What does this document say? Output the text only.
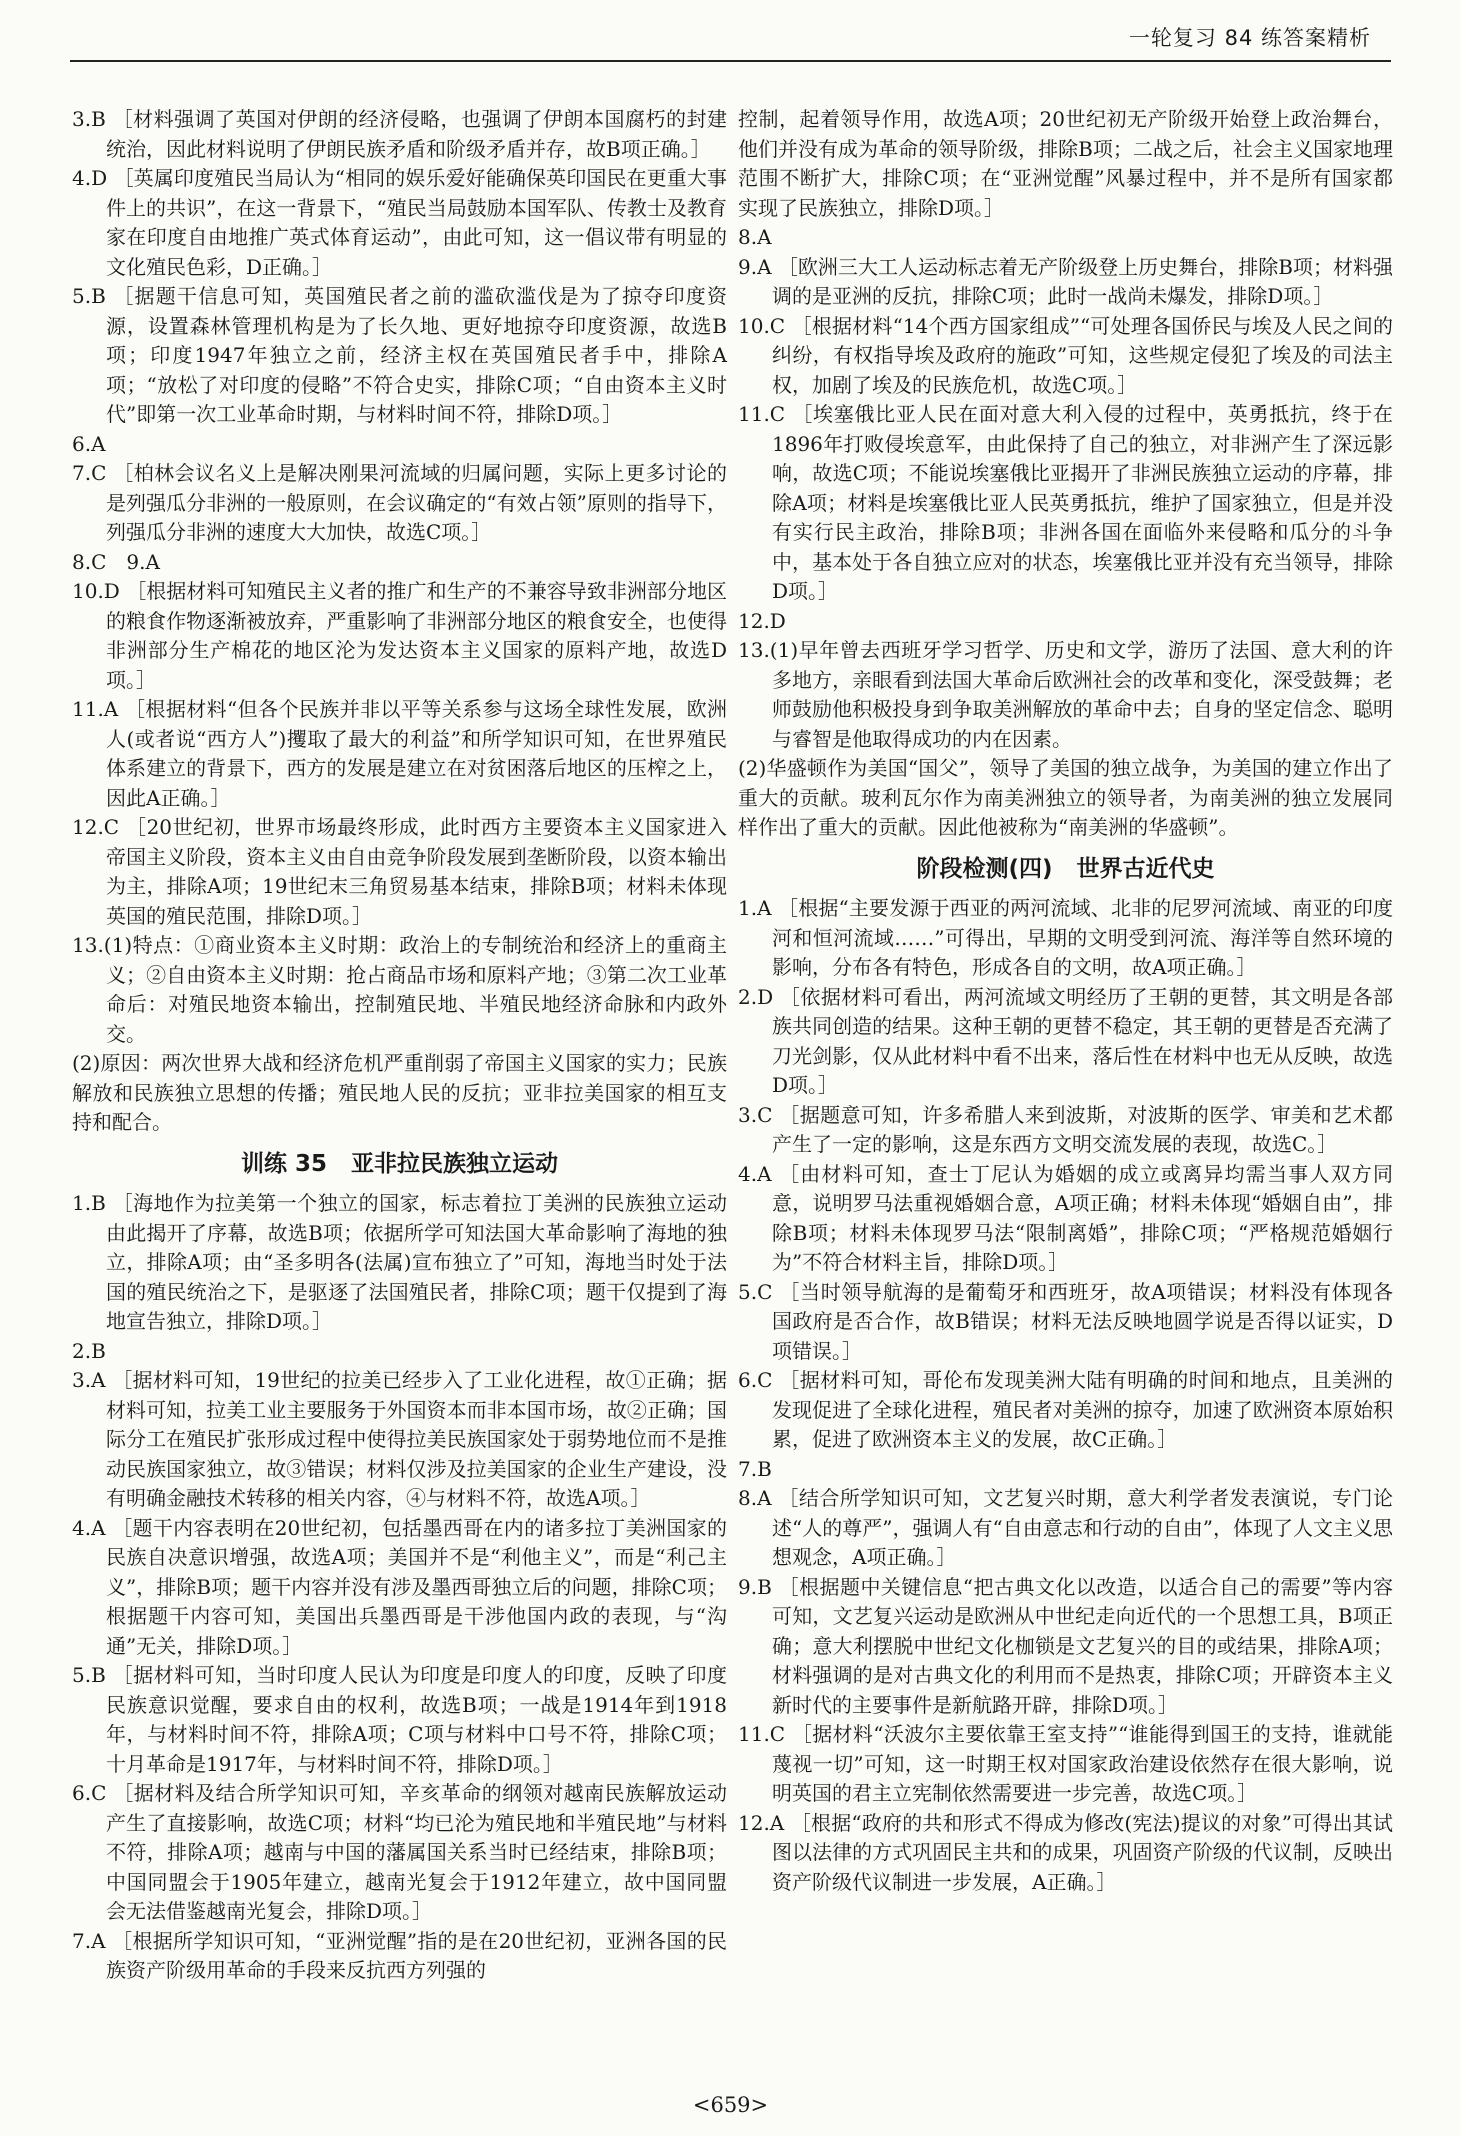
一轮复习 84 练答案精析

3.B ［材料强调了英国对伊朗的经济侵略，也强调了伊朗本国腐朽的封建统治，因此材料说明了伊朗民族矛盾和阶级矛盾并存，故B项正确。］

4.D ［英属印度殖民当局认为“相同的娱乐爱好能确保英印国民在更重大事件上的共识”，在这一背景下，“殖民当局鼓励本国军队、传教士及教育家在印度自由地推广英式体育运动”，由此可知，这一倡议带有明显的文化殖民色彩，D正确。］

5.B ［据题干信息可知，英国殖民者之前的滥砍滥伐是为了掠夺印度资源，设置森林管理机构是为了长久地、更好地掠夺印度资源，故选B项；印度1947年独立之前，经济主权在英国殖民者手中，排除A项；“放松了对印度的侵略”不符合史实，排除C项；“自由资本主义时代”即第一次工业革命时期，与材料时间不符，排除D项。］

6.A

7.C ［柏林会议名义上是解决刚果河流域的归属问题，实际上更多讨论的是列强瓜分非洲的一般原则，在会议确定的“有效占领”原则的指导下，列强瓜分非洲的速度大大加快，故选C项。］

8.C　9.A

10.D ［根据材料可知殖民主义者的推广和生产的不兼容导致非洲部分地区的粮食作物逐渐被放弃，严重影响了非洲部分地区的粮食安全，也使得非洲部分生产棉花的地区沦为发达资本主义国家的原料产地，故选D项。］

11.A ［根据材料“但各个民族并非以平等关系参与这场全球性发展，欧洲人(或者说“西方人”)攫取了最大的利益”和所学知识可知，在世界殖民体系建立的背景下，西方的发展是建立在对贫困落后地区的压榨之上，因此A正确。］

12.C ［20世纪初，世界市场最终形成，此时西方主要资本主义国家进入帝国主义阶段，资本主义由自由竞争阶段发展到垄断阶段，以资本输出为主，排除A项；19世纪末三角贸易基本结束，排除B项；材料未体现英国的殖民范围，排除D项。］

13.(1)特点：①商业资本主义时期：政治上的专制统治和经济上的重商主义；②自由资本主义时期：抢占商品市场和原料产地；③第二次工业革命后：对殖民地资本输出，控制殖民地、半殖民地经济命脉和内政外交。

(2)原因：两次世界大战和经济危机严重削弱了帝国主义国家的实力；民族解放和民族独立思想的传播；殖民地人民的反抗；亚非拉美国家的相互支持和配合。

训练 35 亚非拉民族独立运动

1.B ［海地作为拉美第一个独立的国家，标志着拉丁美洲的民族独立运动由此揭开了序幕，故选B项；依据所学可知法国大革命影响了海地的独立，排除A项；由“圣多明各(法属)宣布独立了”可知，海地当时处于法国的殖民统治之下，是驱逐了法国殖民者，排除C项；题干仅提到了海地宣告独立，排除D项。］

2.B

3.A ［据材料可知，19世纪的拉美已经步入了工业化进程，故①正确；据材料可知，拉美工业主要服务于外国资本而非本国市场，故②正确；国际分工在殖民扩张形成过程中使得拉美民族国家处于弱势地位而不是推动民族国家独立，故③错误；材料仅涉及拉美国家的企业生产建设，没有明确金融技术转移的相关内容，④与材料不符，故选A项。］

4.A ［题干内容表明在20世纪初，包括墨西哥在内的诸多拉丁美洲国家的民族自决意识增强，故选A项；美国并不是“利他主义”，而是“利己主义”，排除B项；题干内容并没有涉及墨西哥独立后的问题，排除C项；根据题干内容可知，美国出兵墨西哥是干涉他国内政的表现，与“沟通”无关，排除D项。］

5.B ［据材料可知，当时印度人民认为印度是印度人的印度，反映了印度民族意识觉醒，要求自由的权利，故选B项；一战是1914年到1918年，与材料时间不符，排除A项；C项与材料中口号不符，排除C项；十月革命是1917年，与材料时间不符，排除D项。］

6.C ［据材料及结合所学知识可知，辛亥革命的纲领对越南民族解放运动产生了直接影响，故选C项；材料“均已沦为殖民地和半殖民地”与材料不符，排除A项；越南与中国的藩属国关系当时已经结束，排除B项；中国同盟会于1905年建立，越南光复会于1912年建立，故中国同盟会无法借鉴越南光复会，排除D项。］

7.A ［根据所学知识可知，“亚洲觉醒”指的是在20世纪初，亚洲各国的民族资产阶级用革命的手段来反抗西方列强的

控制，起着领导作用，故选A项；20世纪初无产阶级开始登上政治舞台，他们并没有成为革命的领导阶级，排除B项；二战之后，社会主义国家地理范围不断扩大，排除C项；在“亚洲觉醒”风暴过程中，并不是所有国家都实现了民族独立，排除D项。］

8.A

9.A ［欧洲三大工人运动标志着无产阶级登上历史舞台，排除B项；材料强调的是亚洲的反抗，排除C项；此时一战尚未爆发，排除D项。］

10.C ［根据材料“14个西方国家组成”“可处理各国侨民与埃及人民之间的纠纷，有权指导埃及政府的施政”可知，这些规定侵犯了埃及的司法主权，加剧了埃及的民族危机，故选C项。］

11.C ［埃塞俄比亚人民在面对意大利入侵的过程中，英勇抵抗，终于在1896年打败侵埃意军，由此保持了自己的独立，对非洲产生了深远影响，故选C项；不能说埃塞俄比亚揭开了非洲民族独立运动的序幕，排除A项；材料是埃塞俄比亚人民英勇抵抗，维护了国家独立，但是并没有实行民主政治，排除B项；非洲各国在面临外来侵略和瓜分的斗争中，基本处于各自独立应对的状态，埃塞俄比亚并没有充当领导，排除D项。］

12.D

13.(1)早年曾去西班牙学习哲学、历史和文学，游历了法国、意大利的许多地方，亲眼看到法国大革命后欧洲社会的改革和变化，深受鼓舞；老师鼓励他积极投身到争取美洲解放的革命中去；自身的坚定信念、聪明与睿智是他取得成功的内在因素。

(2)华盛顿作为美国“国父”，领导了美国的独立战争，为美国的建立作出了重大的贡献。玻利瓦尔作为南美洲独立的领导者，为南美洲的独立发展同样作出了重大的贡献。因此他被称为“南美洲的华盛顿”。

阶段检测(四) 世界古近代史

1.A ［根据“主要发源于西亚的两河流域、北非的尼罗河流域、南亚的印度河和恒河流域……”可得出，早期的文明受到河流、海洋等自然环境的影响，分布各有特色，形成各自的文明，故A项正确。］

2.D ［依据材料可看出，两河流域文明经历了王朝的更替，其文明是各部族共同创造的结果。这种王朝的更替不稳定，其王朝的更替是否充满了刀光剑影，仅从此材料中看不出来，落后性在材料中也无从反映，故选D项。］

3.C ［据题意可知，许多希腊人来到波斯，对波斯的医学、审美和艺术都产生了一定的影响，这是东西方文明交流发展的表现，故选C。］

4.A ［由材料可知，查士丁尼认为婚姻的成立或离异均需当事人双方同意，说明罗马法重视婚姻合意，A项正确；材料未体现“婚姻自由”，排除B项；材料未体现罗马法“限制离婚”，排除C项；“严格规范婚姻行为”不符合材料主旨，排除D项。］

5.C ［当时领导航海的是葡萄牙和西班牙，故A项错误；材料没有体现各国政府是否合作，故B错误；材料无法反映地圆学说是否得以证实，D项错误。］

6.C ［据材料可知，哥伦布发现美洲大陆有明确的时间和地点，且美洲的发现促进了全球化进程，殖民者对美洲的掠夺，加速了欧洲资本原始积累，促进了欧洲资本主义的发展，故C正确。］

7.B

8.A ［结合所学知识可知，文艺复兴时期，意大利学者发表演说，专门论述“人的尊严”，强调人有“自由意志和行动的自由”，体现了人文主义思想观念，A项正确。］

9.B ［根据题中关键信息“把古典文化以改造，以适合自己的需要”等内容可知，文艺复兴运动是欧洲从中世纪走向近代的一个思想工具，B项正确；意大利摆脱中世纪文化枷锁是文艺复兴的目的或结果，排除A项；材料强调的是对古典文化的利用而不是热衷，排除C项；开辟资本主义新时代的主要事件是新航路开辟，排除D项。］

11.C ［据材料“沃波尔主要依靠王室支持”“谁能得到国王的支持，谁就能蔑视一切”可知，这一时期王权对国家政治建设依然存在很大影响，说明英国的君主立宪制依然需要进一步完善，故选C项。］

12.A ［根据“政府的共和形式不得成为修改(宪法)提议的对象”可得出其试图以法律的方式巩固民主共和的成果，巩固资产阶级的代议制，反映出资产阶级代议制进一步发展，A正确。］

<659>
